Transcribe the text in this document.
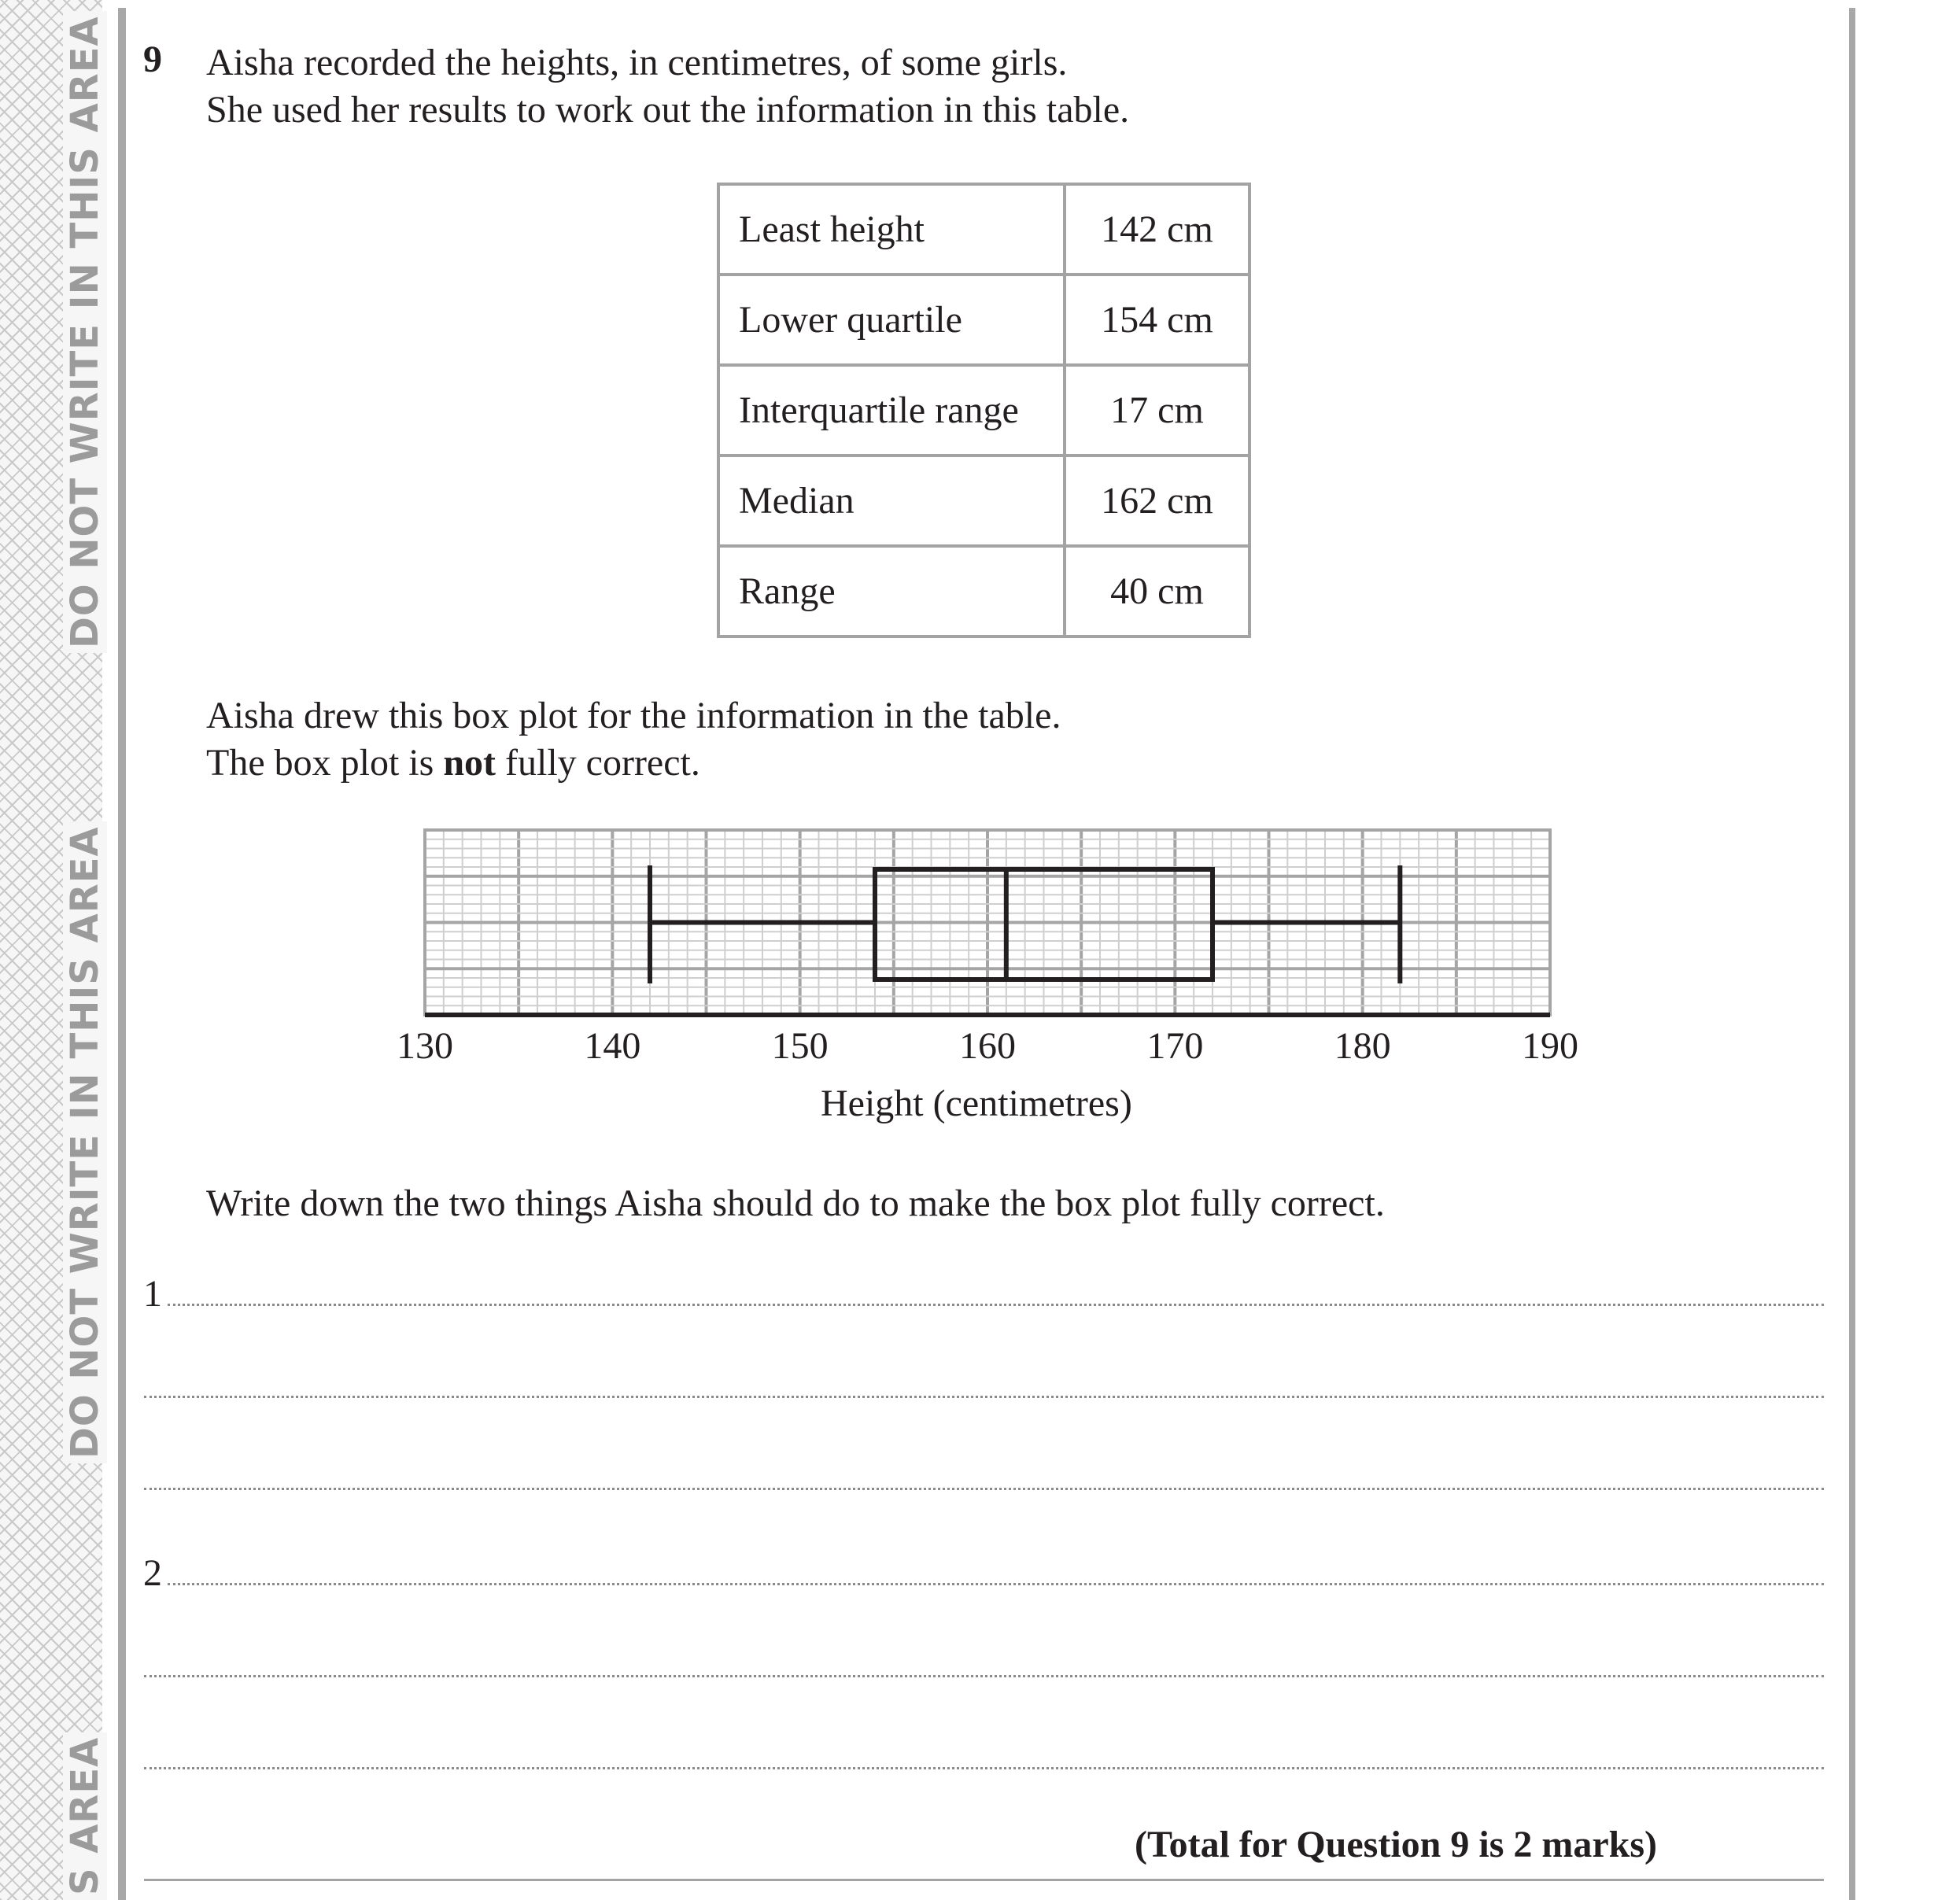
DO NOT WRITE IN THIS AREA
DO NOT WRITE IN THIS AREA
S AREA
9 Aisha recorded the heights, in centimetres, of some girls.

She used her results to work out the information in this table.

Least height	142 cm
Lower quartile	154 cm
Interquartile range	17 cm
Median	162 cm
Range	40 cm

Aisha drew this box plot for the information in the table.

The box plot is not fully correct.

130	140	150	160	170	180	190
Height (centimetres)

Write down the two things Aisha should do to make the box plot fully correct.

1
2
(Total for Question 9 is 2 marks)
